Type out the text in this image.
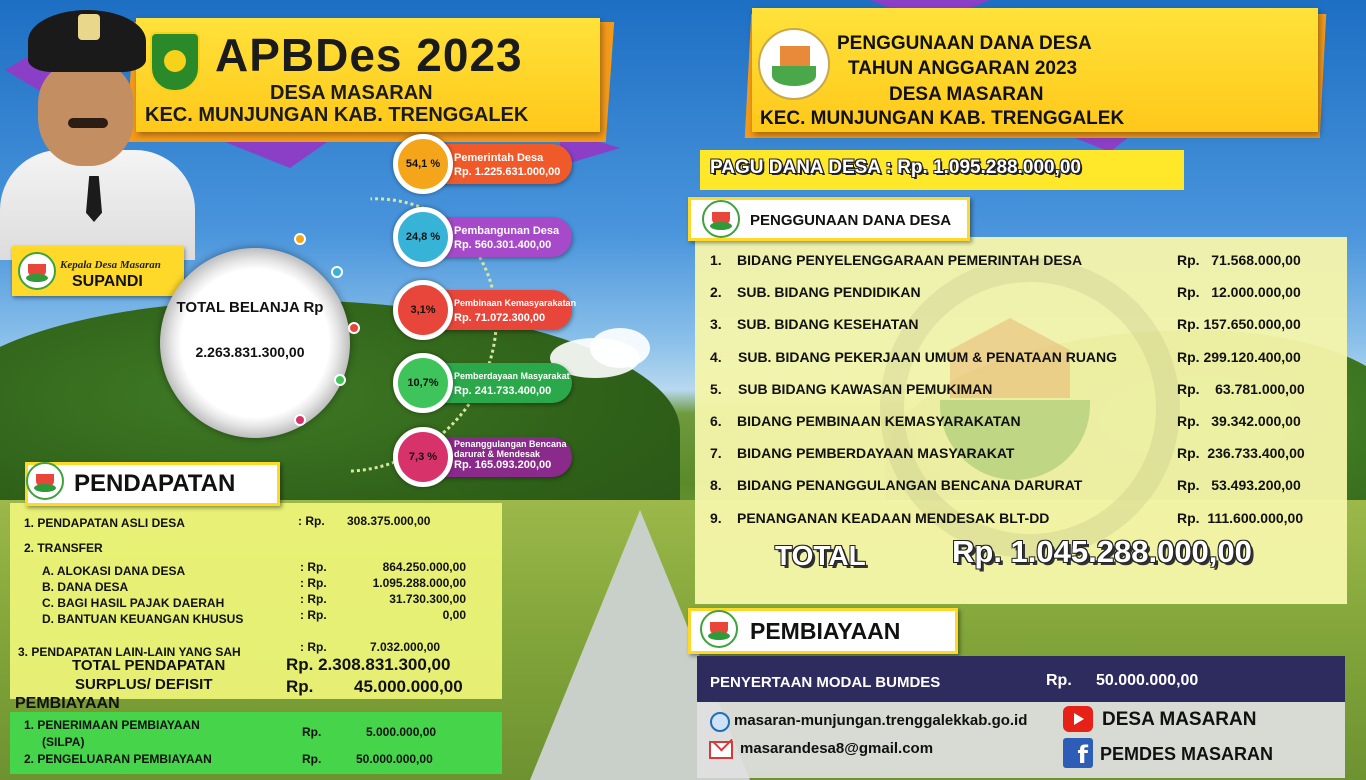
APBDes 2023
DESA MASARAN
KEC. MUNJUNGAN KAB. TRENGGALEK
Kepala Desa Masaran
SUPANDI
TOTAL BELANJA Rp
2.263.831.300,00
54,1 %	Pemerintah Desa
Rp. 1.225.631.000,00
24,8 %	Pembangunan Desa
Rp. 560.301.400,00
3,1%
Pembinaan Kemasyarakatan
Rp. 71.072.300,00
10,7%
Pemberdayaan Masyarakat
Rp. 241.733.400,00
7,3 %
Penanggulangan Bencana darurat & Mendesak
Rp. 165.093.200,00
PENDAPATAN
1. PENDAPATAN ASLI DESA	: Rp. 308.375.000,00
2. TRANSFER
A. ALOKASI DANA DESA	: Rp.	864.250.000,00
B. DANA DESA	: Rp.	1.095.288.000,00
C. BAGI HASIL PAJAK DAERAH	: Rp.	31.730.300,00
D. BANTUAN KEUANGAN KHUSUS	: Rp.	0,00
3. PENDAPATAN LAIN-LAIN YANG SAH	: Rp.	7.032.000,00
TOTAL PENDAPATAN	Rp. 2.308.831.300,00
SURPLUS/ DEFISIT	Rp. 45.000.000,00
PEMBIAYAAN
1. PENERIMAAN PEMBIAYAAN
(SILPA)
Rp.	5.000.000,00
2. PENGELUARAN PEMBIAYAAN	Rp.	50.000.000,00
PENGGUNAAN DANA DESA
TAHUN ANGGARAN 2023
DESA MASARAN
KEC. MUNJUNGAN KAB. TRENGGALEK
PAGU DANA DESA : Rp. 1.095.288.000,00
PENGGUNAAN DANA DESA
1. BIDANG PENYELENGGARAAN PEMERINTAH DESA	Rp.   71.568.000,00
2. SUB. BIDANG PENDIDIKAN	Rp.   12.000.000,00
3. SUB. BIDANG KESEHATAN	Rp. 157.650.000,00
4. SUB. BIDANG PEKERJAAN UMUM & PENATAAN RUANG	Rp. 299.120.400,00
5. SUB BIDANG KAWASAN PEMUKIMAN	Rp.    63.781.000,00
6. BIDANG PEMBINAAN KEMASYARAKATAN	Rp.   39.342.000,00
7. BIDANG PEMBERDAYAAN MASYARAKAT	Rp.  236.733.400,00
8. BIDANG PENANGGULANGAN BENCANA DARURAT	Rp.   53.493.200,00
9. PENANGANAN KEADAAN MENDESAK BLT-DD	Rp.  111.600.000,00
TOTAL	Rp. 1.045.288.000,00
PEMBIAYAAN
PENYERTAAN MODAL BUMDES	Rp. 50.000.000,00
masaran-munjungan.trenggalekkab.go.id
masarandesa8@gmail.com
DESA MASARAN
f PEMDES MASARAN
